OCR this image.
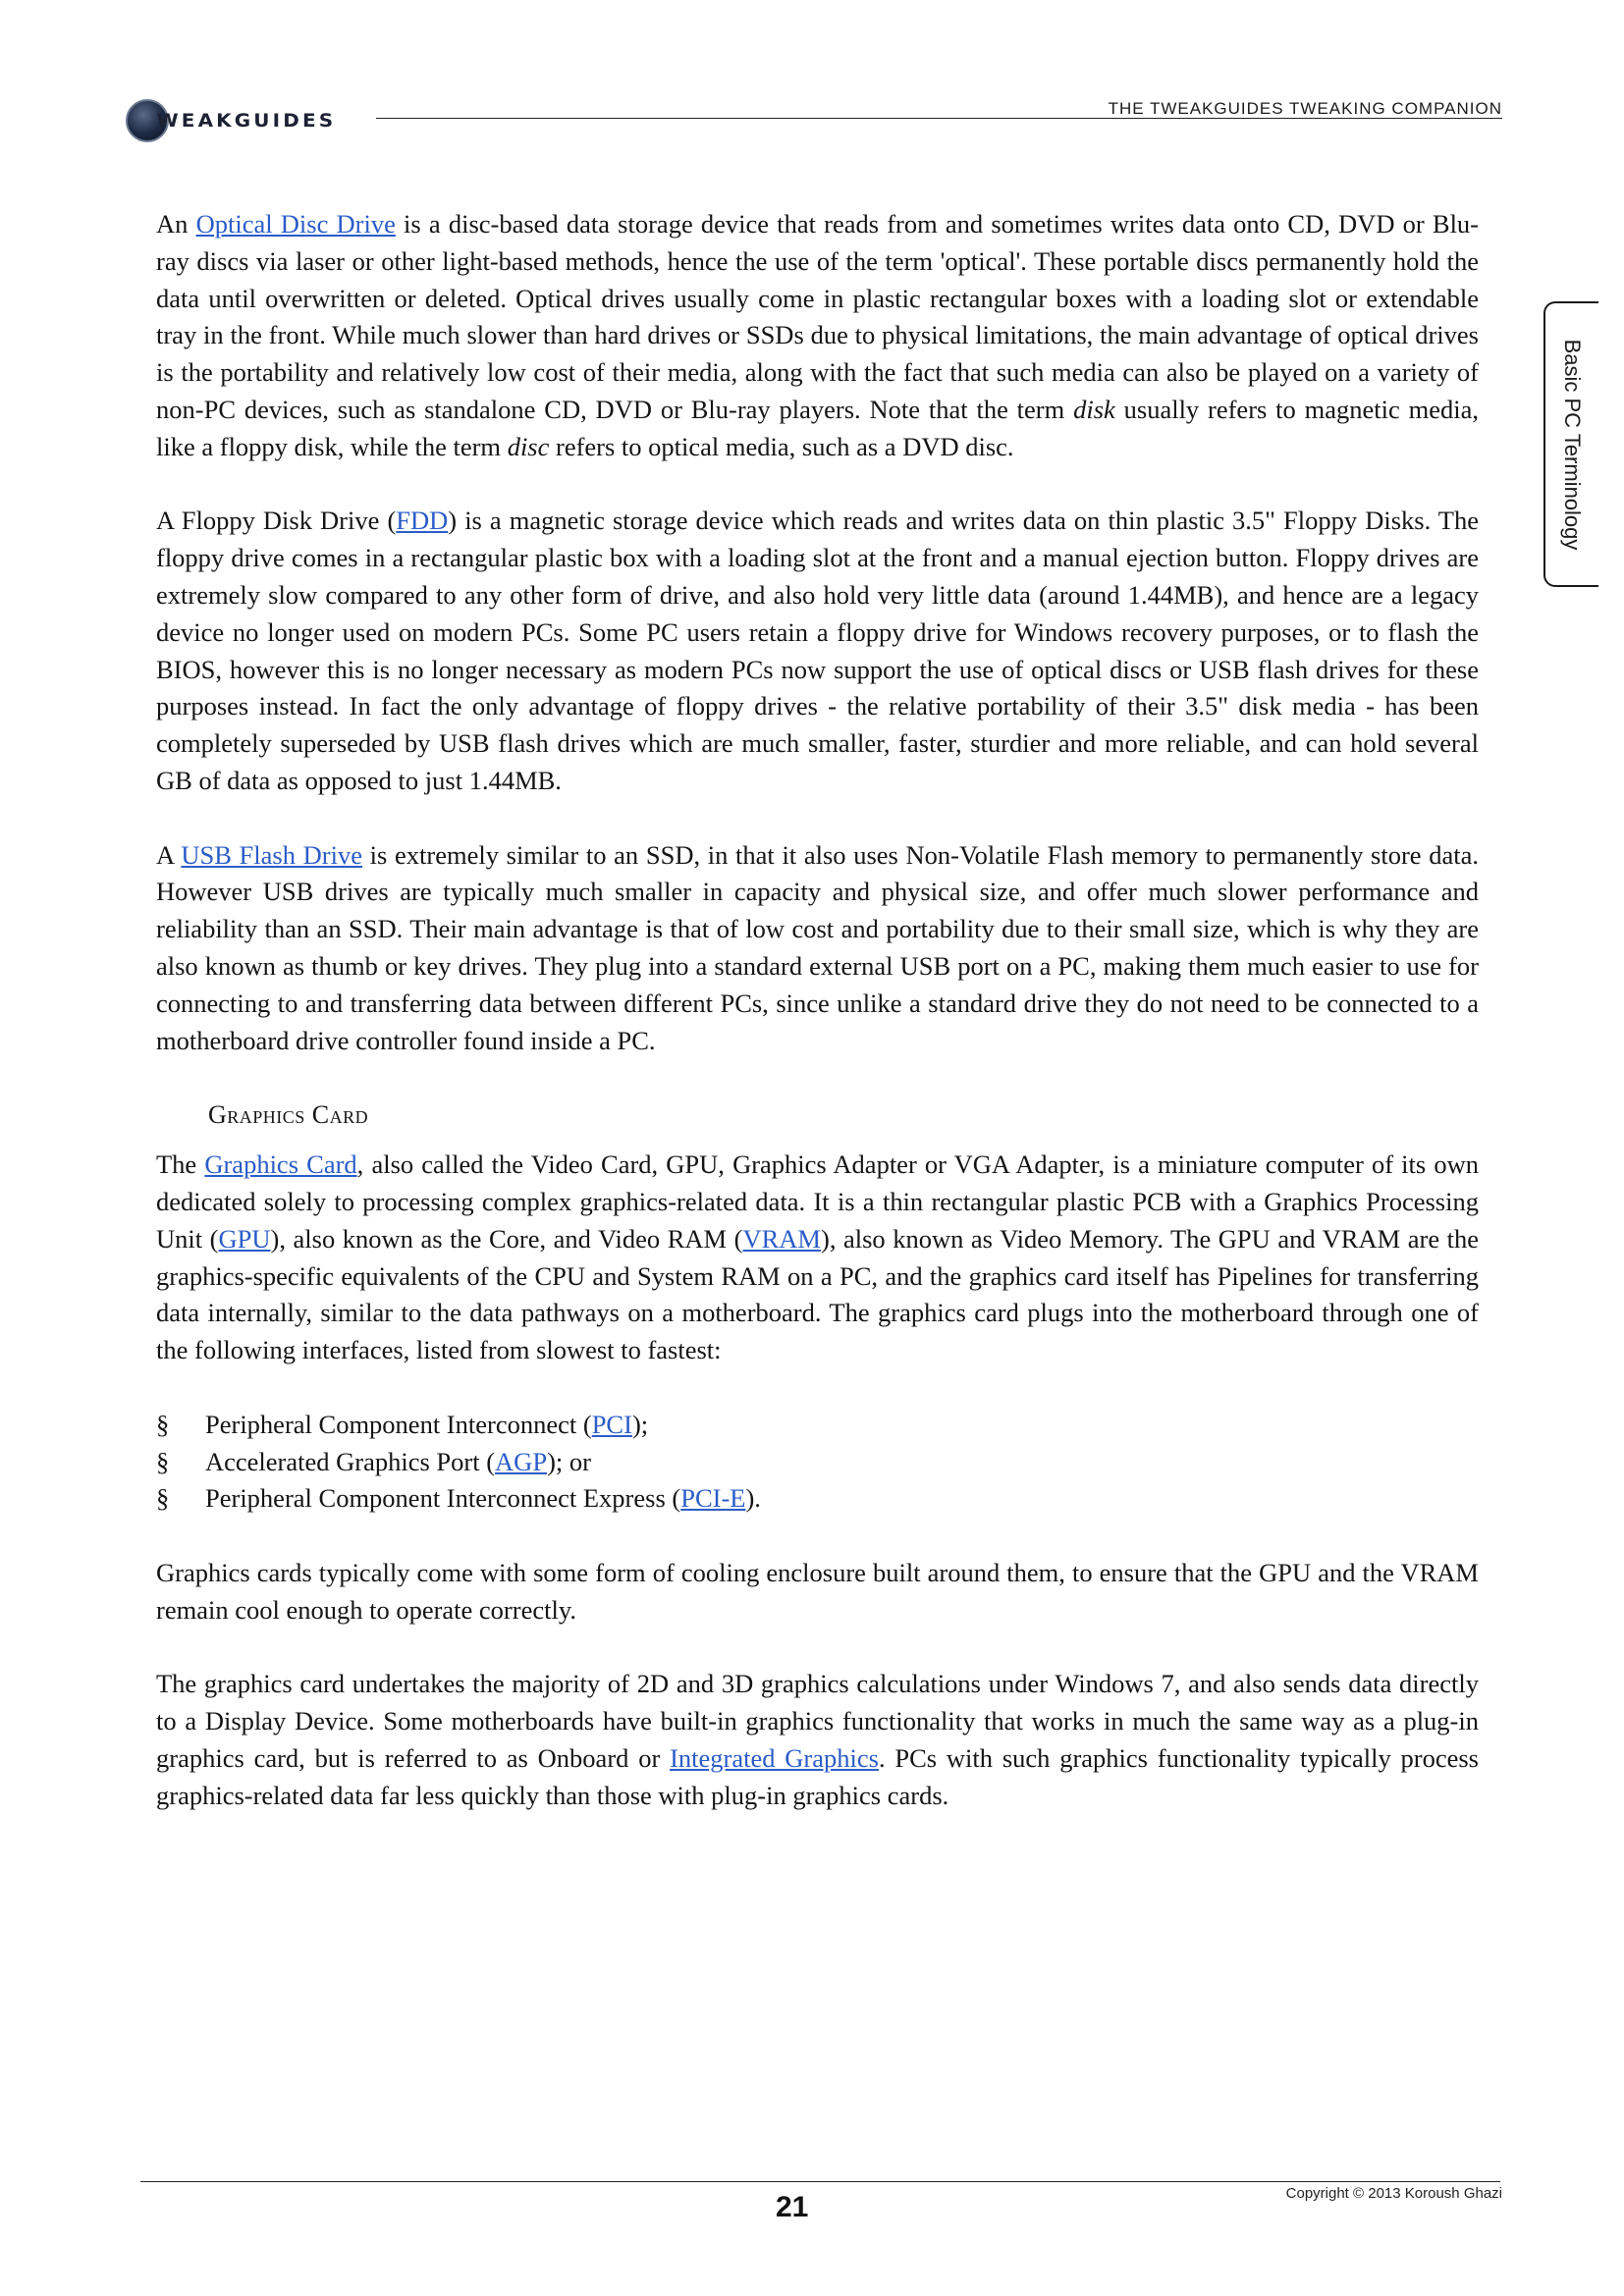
WEAKGUIDES
THE TWEAKGUIDES TWEAKING COMPANION
Basic PC Terminology

An Optical Disc Drive is a disc-based data storage device that reads from and sometimes writes data onto CD, DVD or Blu-ray discs via laser or other light-based methods, hence the use of the term 'optical'. These portable discs permanently hold the data until overwritten or deleted. Optical drives usually come in plastic rectangular boxes with a loading slot or extendable tray in the front. While much slower than hard drives or SSDs due to physical limitations, the main advantage of optical drives is the portability and relatively low cost of their media, along with the fact that such media can also be played on a variety of non-PC devices, such as standalone CD, DVD or Blu-ray players. Note that the term disk usually refers to magnetic media, like a floppy disk, while the term disc refers to optical media, such as a DVD disc.

A Floppy Disk Drive (FDD) is a magnetic storage device which reads and writes data on thin plastic 3.5" Floppy Disks. The floppy drive comes in a rectangular plastic box with a loading slot at the front and a manual ejection button. Floppy drives are extremely slow compared to any other form of drive, and also hold very little data (around 1.44MB), and hence are a legacy device no longer used on modern PCs. Some PC users retain a floppy drive for Windows recovery purposes, or to flash the BIOS, however this is no longer necessary as modern PCs now support the use of optical discs or USB flash drives for these purposes instead. In fact the only advantage of floppy drives - the relative portability of their 3.5" disk media - has been completely superseded by USB flash drives which are much smaller, faster, sturdier and more reliable, and can hold several GB of data as opposed to just 1.44MB.

A USB Flash Drive is extremely similar to an SSD, in that it also uses Non-Volatile Flash memory to permanently store data. However USB drives are typically much smaller in capacity and physical size, and offer much slower performance and reliability than an SSD. Their main advantage is that of low cost and portability due to their small size, which is why they are also known as thumb or key drives. They plug into a standard external USB port on a PC, making them much easier to use for connecting to and transferring data between different PCs, since unlike a standard drive they do not need to be connected to a motherboard drive controller found inside a PC.

Graphics Card

The Graphics Card, also called the Video Card, GPU, Graphics Adapter or VGA Adapter, is a miniature computer of its own dedicated solely to processing complex graphics-related data. It is a thin rectangular plastic PCB with a Graphics Processing Unit (GPU), also known as the Core, and Video RAM (VRAM), also known as Video Memory. The GPU and VRAM are the graphics-specific equivalents of the CPU and System RAM on a PC, and the graphics card itself has Pipelines for transferring data internally, similar to the data pathways on a motherboard. The graphics card plugs into the motherboard through one of the following interfaces, listed from slowest to fastest:

§ Peripheral Component Interconnect (PCI);
§ Accelerated Graphics Port (AGP); or
§ Peripheral Component Interconnect Express (PCI-E).

Graphics cards typically come with some form of cooling enclosure built around them, to ensure that the GPU and the VRAM remain cool enough to operate correctly.

The graphics card undertakes the majority of 2D and 3D graphics calculations under Windows 7, and also sends data directly to a Display Device. Some motherboards have built-in graphics functionality that works in much the same way as a plug-in graphics card, but is referred to as Onboard or Integrated Graphics. PCs with such graphics functionality typically process graphics-related data far less quickly than those with plug-in graphics cards.

21	Copyright © 2013 Koroush Ghazi
